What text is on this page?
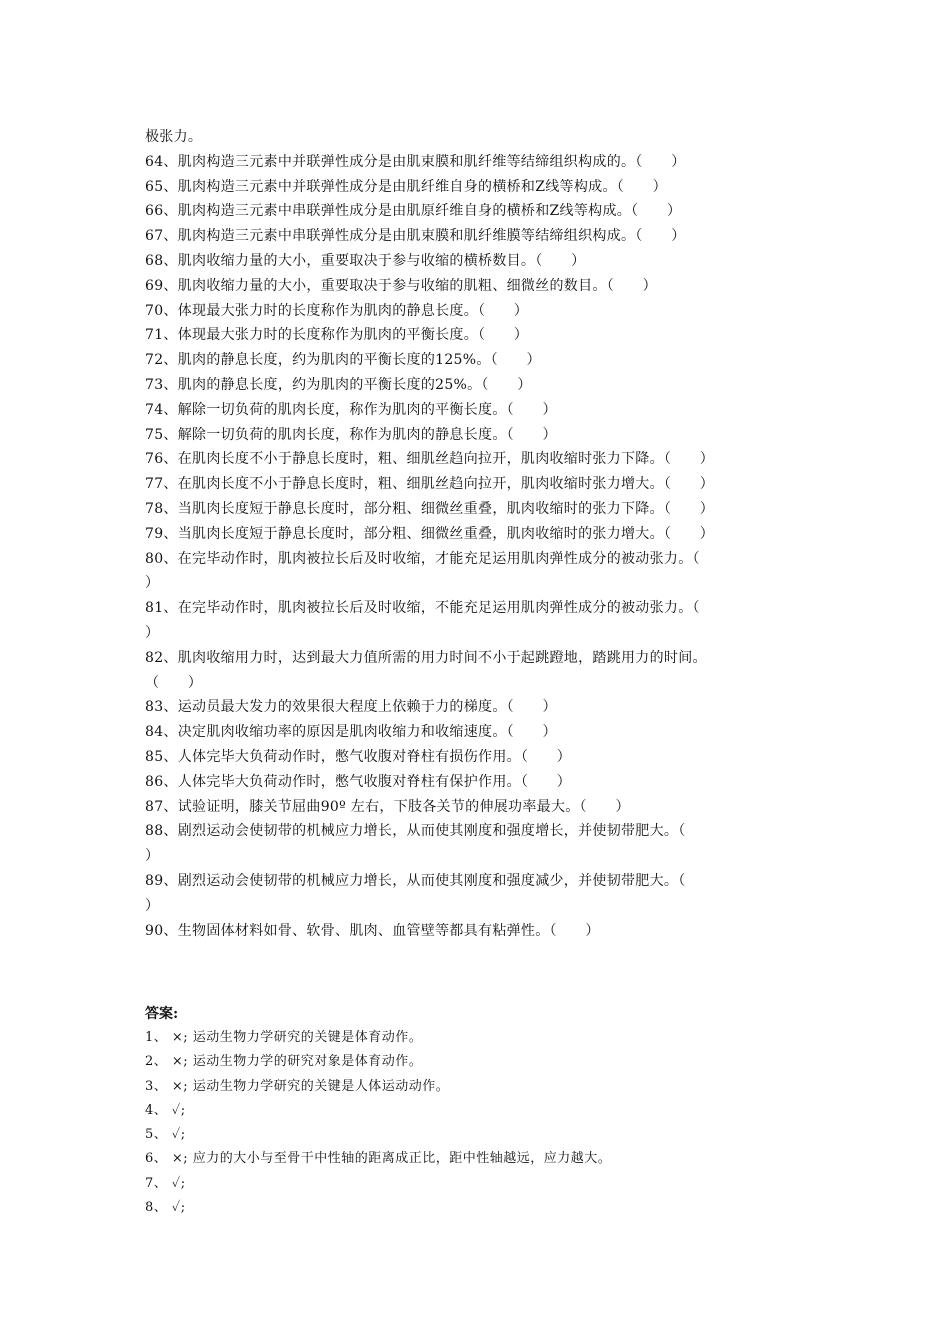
极张力。
64、肌肉构造三元素中并联弹性成分是由肌束膜和肌纤维等结缔组织构成的。（　　）
65、肌肉构造三元素中并联弹性成分是由肌纤维自身的横桥和Z线等构成。（　　）
66、肌肉构造三元素中串联弹性成分是由肌原纤维自身的横桥和Z线等构成。（　　）
67、肌肉构造三元素中串联弹性成分是由肌束膜和肌纤维膜等结缔组织构成。（　　）
68、肌肉收缩力量的大小，重要取决于参与收缩的横桥数目。（　　）
69、肌肉收缩力量的大小，重要取决于参与收缩的肌粗、细微丝的数目。（　　）
70、体现最大张力时的长度称作为肌肉的静息长度。（　　）
71、体现最大张力时的长度称作为肌肉的平衡长度。（　　）
72、肌肉的静息长度，约为肌肉的平衡长度的125%。（　　）
73、肌肉的静息长度，约为肌肉的平衡长度的25%。（　　）
74、解除一切负荷的肌肉长度，称作为肌肉的平衡长度。（　　）
75、解除一切负荷的肌肉长度，称作为肌肉的静息长度。（　　）
76、在肌肉长度不小于静息长度时，粗、细肌丝趋向拉开，肌肉收缩时张力下降。（　　）
77、在肌肉长度不小于静息长度时，粗、细肌丝趋向拉开，肌肉收缩时张力增大。（　　）
78、当肌肉长度短于静息长度时，部分粗、细微丝重叠，肌肉收缩时的张力下降。（　　）
79、当肌肉长度短于静息长度时，部分粗、细微丝重叠，肌肉收缩时的张力增大。（　　）
80、在完毕动作时，肌肉被拉长后及时收缩，才能充足运用肌肉弹性成分的被动张力。（
）
81、在完毕动作时，肌肉被拉长后及时收缩，不能充足运用肌肉弹性成分的被动张力。（
）
82、肌肉收缩用力时，达到最大力值所需的用力时间不小于起跳蹬地，踏跳用力的时间。
（　　）
83、运动员最大发力的效果很大程度上依赖于力的梯度。（　　）
84、决定肌肉收缩功率的原因是肌肉收缩力和收缩速度。（　　）
85、人体完毕大负荷动作时，憋气收腹对脊柱有损伤作用。（　　）
86、人体完毕大负荷动作时，憋气收腹对脊柱有保护作用。（　　）
87、试验证明，膝关节屈曲90º 左右，下肢各关节的伸展功率最大。（　　）
88、剧烈运动会使韧带的机械应力增长，从而使其刚度和强度增长，并使韧带肥大。（
）
89、剧烈运动会使韧带的机械应力增长，从而使其刚度和强度减少，并使韧带肥大。（
）
90、生物固体材料如骨、软骨、肌肉、血管壁等都具有粘弹性。（　　）
答案:
1、 ×; 运动生物力学研究的关键是体育动作。
2、 ×; 运动生物力学的研究对象是体育动作。
3、 ×; 运动生物力学研究的关键是人体运动动作。
4、 ✓;
5、 ✓;
6、 ×; 应力的大小与至骨干中性轴的距离成正比，距中性轴越远，应力越大。
7、 ✓;
8、 ✓;
